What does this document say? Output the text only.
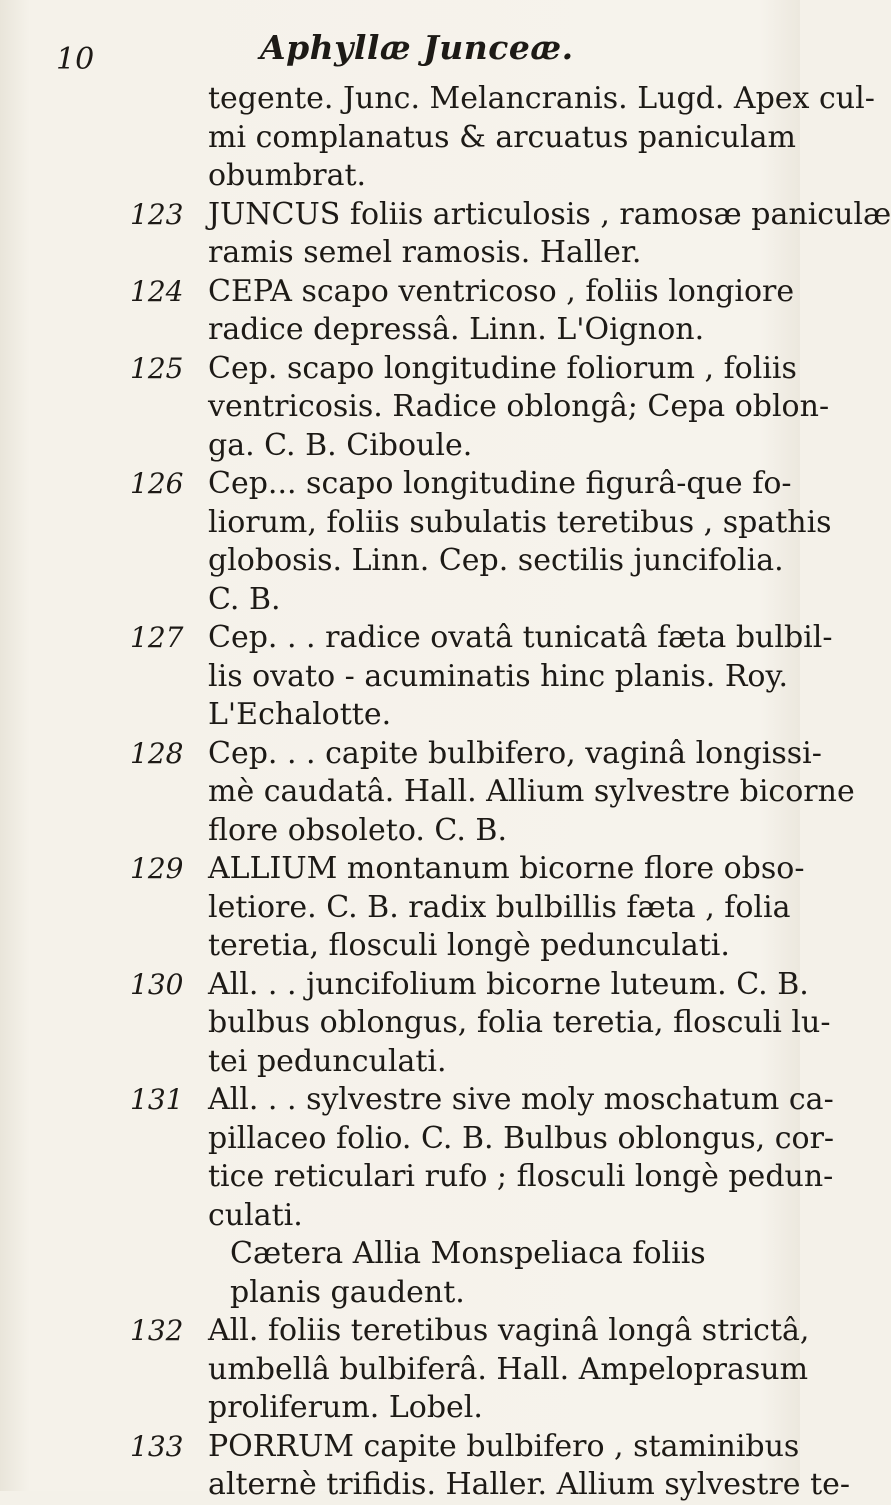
10	Aphyllæ Junceæ.
tegente. Junc. Melancranis. Lugd. Apex cul-
mi complanatus & arcuatus paniculam
obumbrat.
123 JUNCUS foliis articulosis , ramosæ paniculæ
ramis semel ramosis. Haller.
124 CEPA scapo ventricoso , foliis longiore
radice depressâ. Linn. L'Oignon.
125 Cep. scapo longitudine foliorum , foliis
ventricosis. Radice oblongâ; Cepa oblon-
ga. C. B. Ciboule.
126 Cep... scapo longitudine figurâ-que fo-
liorum, foliis subulatis teretibus , spathis
globosis. Linn. Cep. sectilis juncifolia.
C. B.
127 Cep. . . radice ovatâ tunicatâ fæta bulbil-
lis ovato - acuminatis hinc planis. Roy.
L'Echalotte.
128 Cep. . . capite bulbifero, vaginâ longissi-
mè caudatâ. Hall. Allium sylvestre bicorne
flore obsoleto. C. B.
129 ALLIUM montanum bicorne flore obso-
letiore. C. B. radix bulbillis fæta , folia
teretia, flosculi longè pedunculati.
130 All. . . juncifolium bicorne luteum. C. B.
bulbus oblongus, folia teretia, flosculi lu-
tei pedunculati.
131 All. . . sylvestre sive moly moschatum ca-
pillaceo folio. C. B. Bulbus oblongus, cor-
tice reticulari rufo ; flosculi longè pedun-
culati.
Cætera Allia Monspeliaca foliis planis gaudent.
132 All. foliis teretibus vaginâ longâ strictâ,
umbellâ bulbiferâ. Hall. Ampeloprasum
proliferum. Lobel.
133 PORRUM capite bulbifero , staminibus
alternè trifidis. Haller. Allium sylvestre te-
